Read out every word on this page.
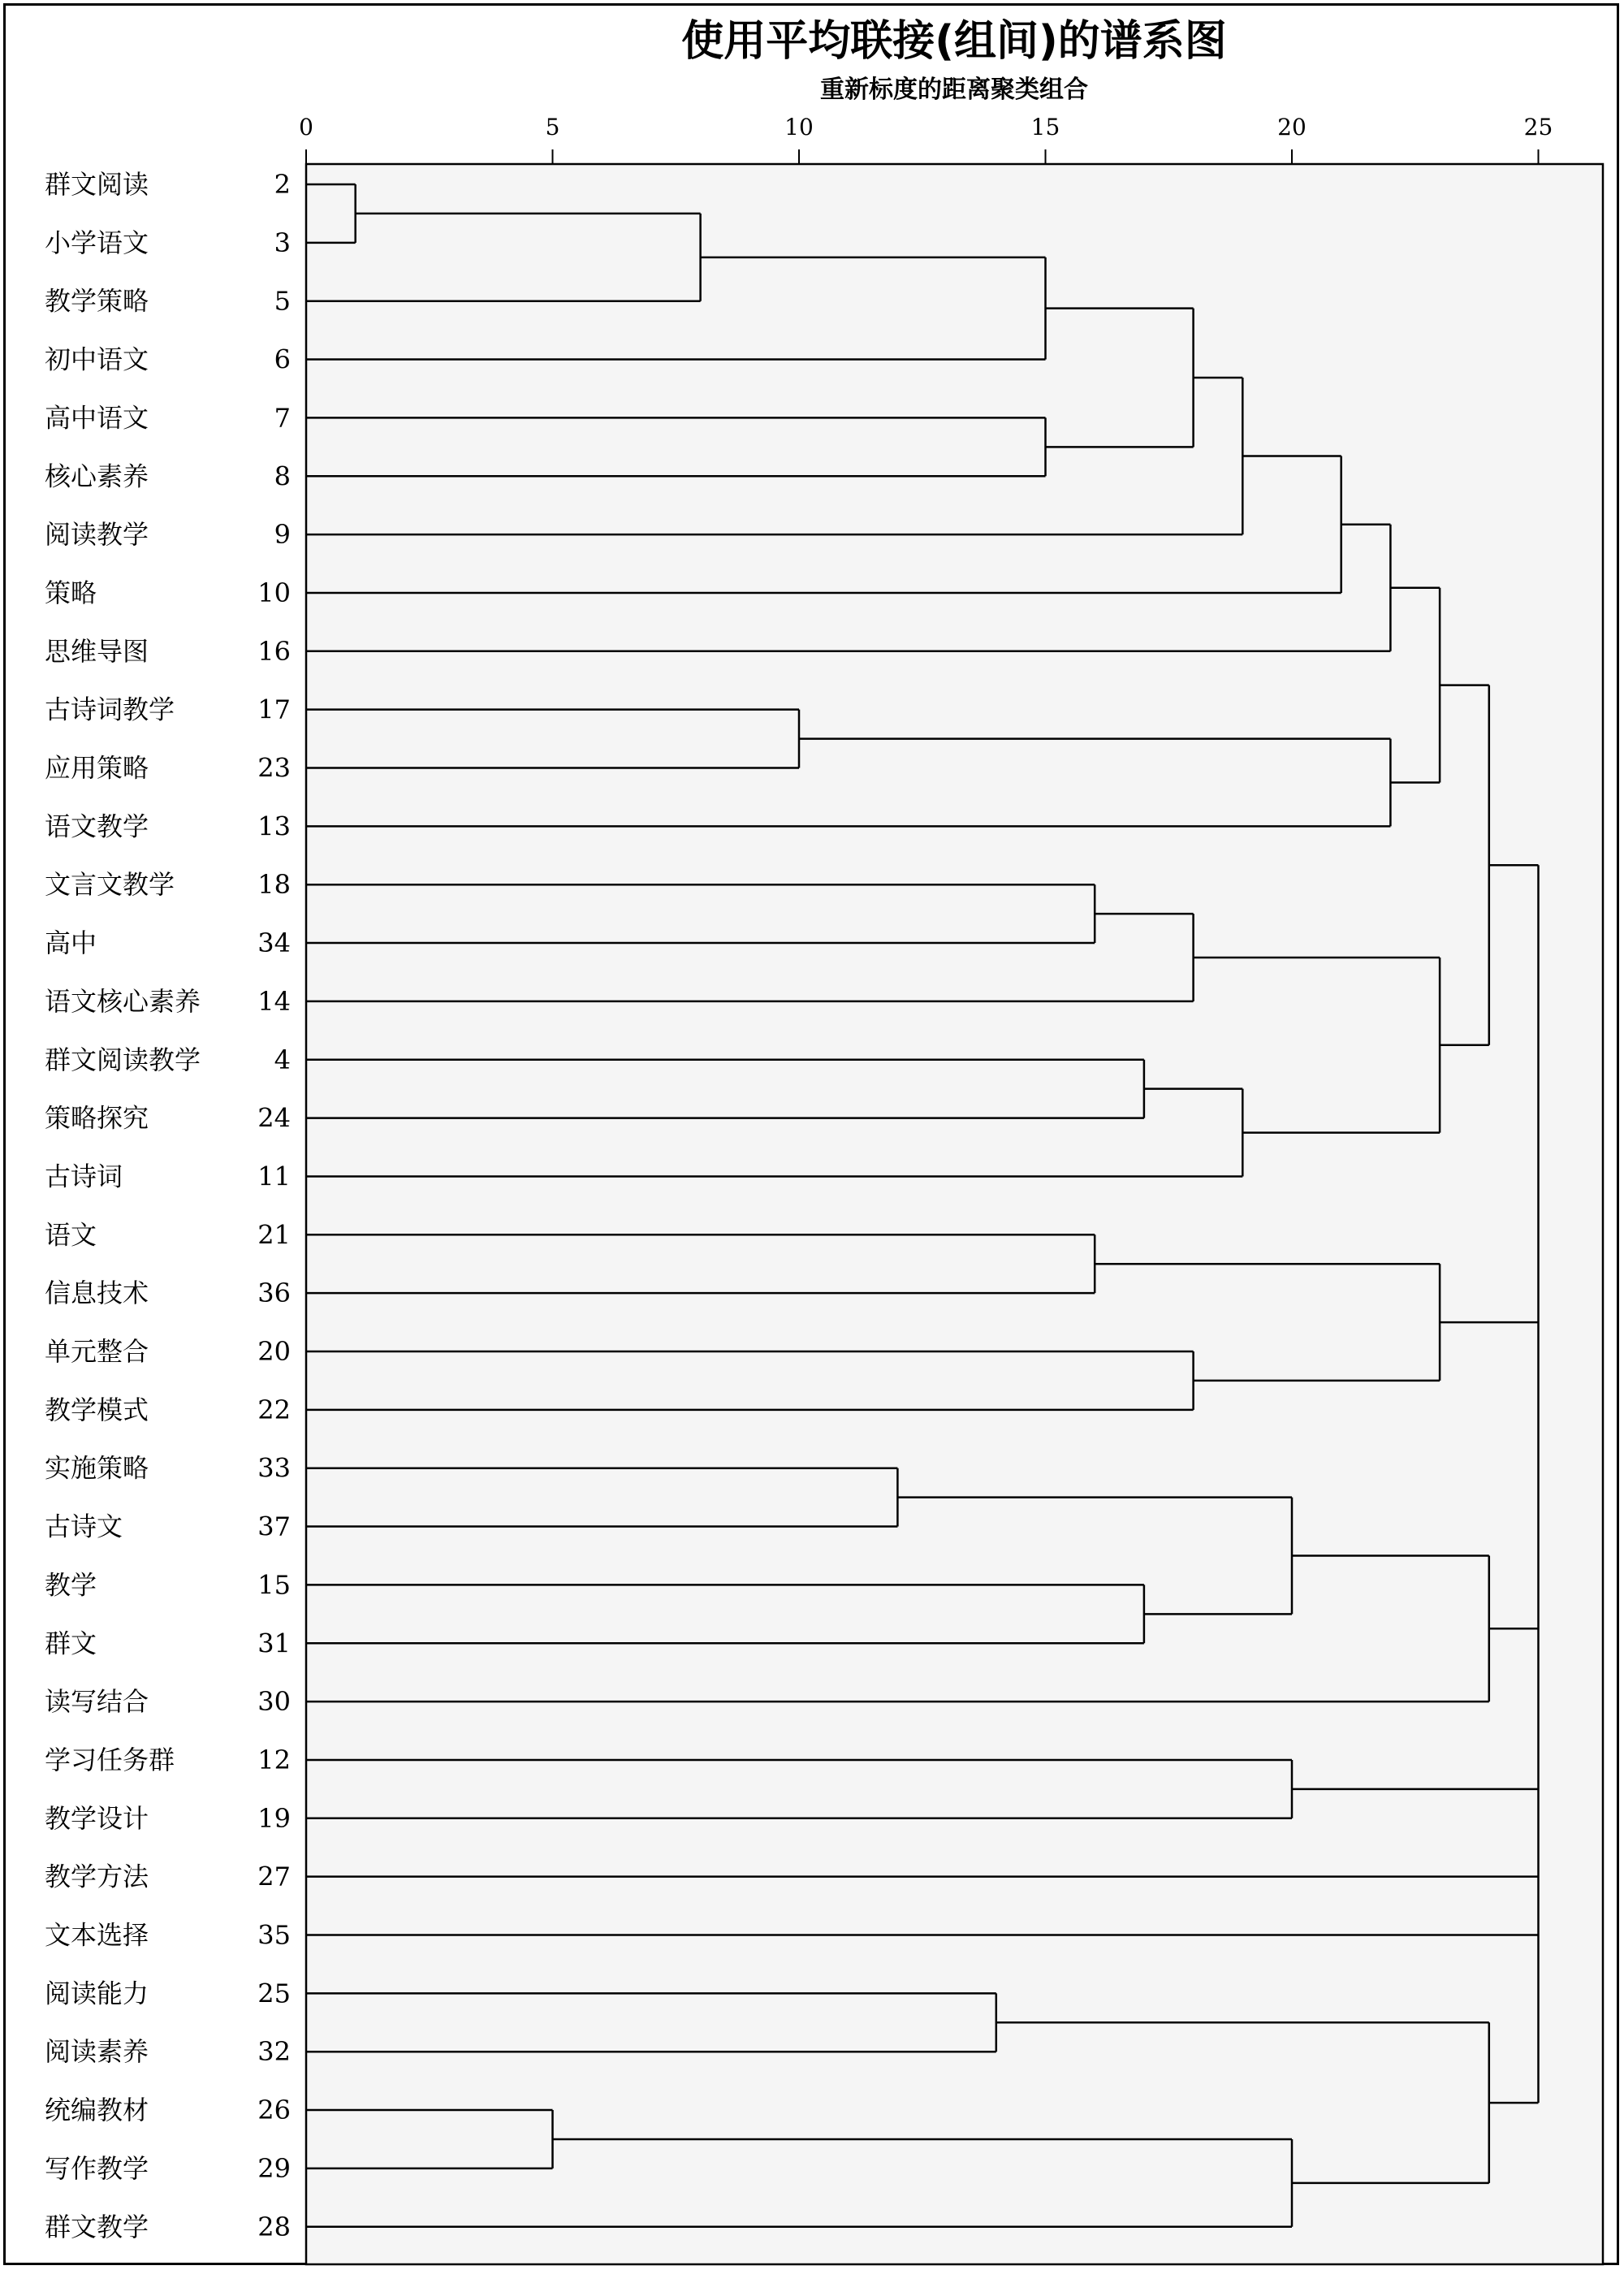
使用平均联接(组间)的谱系图
重新标度的距离聚类组合
0	5	10	15	20	25
群文阅读	2
小学语文	3
教学策略	5
初中语文	6
高中语文	7
核心素养	8
阅读教学	9
策略	10
思维导图	16
古诗词教学	17
应用策略	23
语文教学	13
文言文教学	18
高中	34
语文核心素养 14
群文阅读教学	4
策略探究	24
古诗词	11
语文	21
信息技术	36
单元整合	20
教学模式	22
实施策略	33
古诗文	37
教学	15
群文	31
读写结合	30
学习任务群	12
教学设计	19
教学方法	27
文本选择	35
阅读能力	25
阅读素养	32
统编教材	26
写作教学	29
群文教学	28
